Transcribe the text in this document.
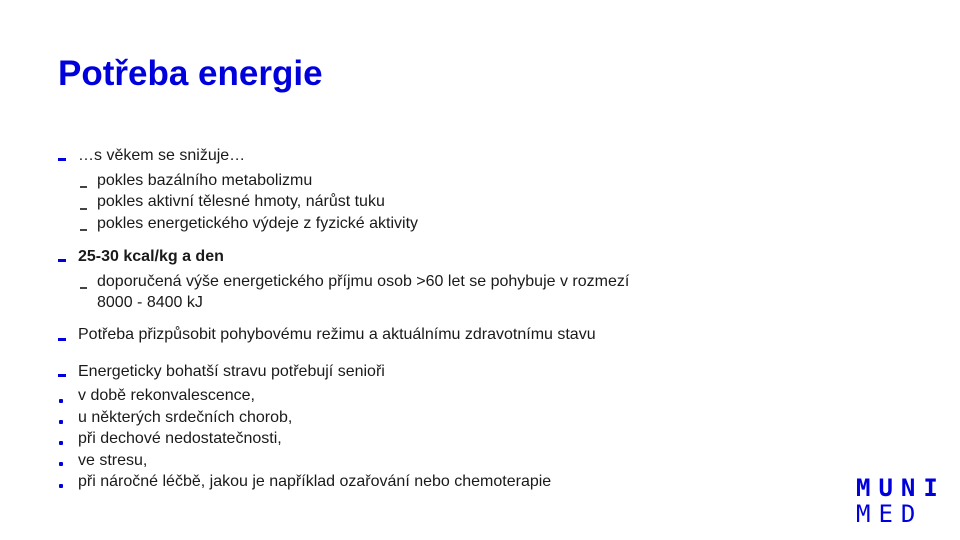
Potřeba energie
…s věkem se snižuje…
pokles bazálního metabolizmu
pokles aktivní tělesné hmoty, nárůst tuku
pokles energetického výdeje z fyzické aktivity
25-30 kcal/kg a den
doporučená výše energetického příjmu osob >60 let se pohybuje v rozmezí
8000 - 8400 kJ
Potřeba přizpůsobit pohybovému režimu a aktuálnímu zdravotnímu stavu
Energeticky bohatší stravu potřebují senioři
v době rekonvalescence,
u některých srdečních chorob,
při dechové nedostatečnosti,
ve stresu,
při náročné léčbě, jakou je například ozařování nebo chemoterapie	MUNI
MED
